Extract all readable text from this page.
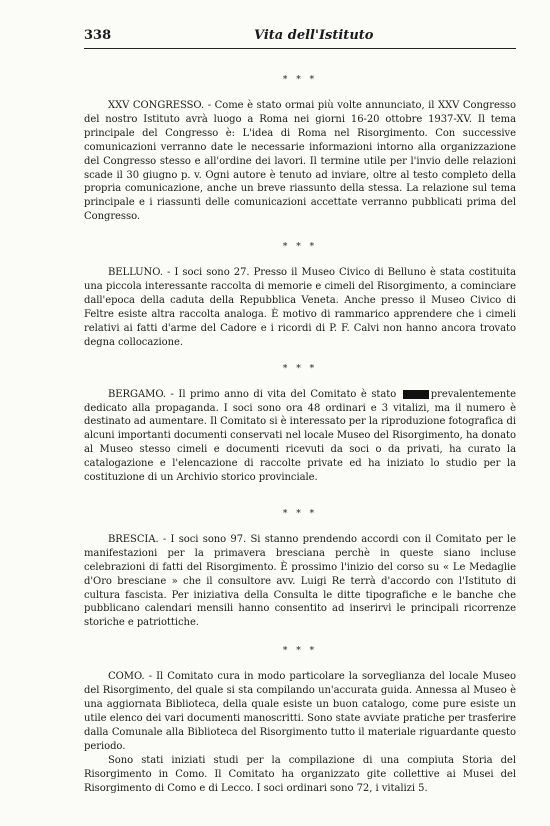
338	Vita dell'Istituto
* * *

XXV CONGRESSO. - Come è stato ormai più volte annunciato, il XXV Congresso del nostro Istituto avrà luogo a Roma nei giorni 16-20 ottobre 1937-XV. Il tema principale del Congresso è: L'idea di Roma nel Risorgimento. Con successive comunicazioni verranno date le necessarie informazioni intorno alla organizzazione del Congresso stesso e all'ordine dei lavori. Il termine utile per l'invio delle relazioni scade il 30 giugno p. v. Ogni autore è tenuto ad inviare, oltre al testo completo della propria comunicazione, anche un breve riassunto della stessa. La relazione sul tema principale e i riassunti delle comunicazioni accettate verranno pubblicati prima del Congresso.

* * *

BELLUNO. - I soci sono 27. Presso il Museo Civico di Belluno è stata costituita una piccola interessante raccolta di memorie e cimeli del Risorgimento, a cominciare dall'epoca della caduta della Repubblica Veneta. Anche presso il Museo Civico di Feltre esiste altra raccolta analoga. È motivo di rammarico apprendere che i cimeli relativi ai fatti d'arme del Cadore e i ricordi di P. F. Calvi non hanno ancora trovato degna collocazione.

* * *

BERGAMO. - Il primo anno di vita del Comitato è stato	prevalentemente dedicato alla propaganda. I soci sono ora 48 ordinari e 3 vitalizi, ma il numero è destinato ad aumentare. Il Comitato si è interessato per la riproduzione fotografica di alcuni importanti documenti conservati nel locale Museo del Risorgimento, ha donato al Museo stesso cimeli e documenti ricevuti da soci o da privati, ha curato la catalogazione e l'elencazione di raccolte private ed ha iniziato lo studio per la costituzione di un Archivio storico provinciale.

* * *

BRESCIA. - I soci sono 97. Si stanno prendendo accordi con il Comitato per le manifestazioni per la primavera bresciana perchè in queste siano incluse celebrazioni di fatti del Risorgimento. È prossimo l'inizio del corso su « Le Medaglie d'Oro bresciane » che il consultore avv. Luigi Re terrà d'accordo con l'Istituto di cultura fascista. Per iniziativa della Consulta le ditte tipografiche e le banche che pubblicano calendari mensili hanno consentito ad inserirvi le principali ricorrenze storiche e patriottiche.

* * *

COMO. - Il Comitato cura in modo particolare la sorveglianza del locale Museo del Risorgimento, del quale si sta compilando un'accurata guida. Annessa al Museo è una aggiornata Biblioteca, della quale esiste un buon catalogo, come pure esiste un utile elenco dei vari documenti manoscritti. Sono state avviate pratiche per trasferire dalla Comunale alla Biblioteca del Risorgimento tutto il materiale riguardante questo periodo.

Sono stati iniziati studi per la compilazione di una compiuta Storia del Risorgimento in Como. Il Comitato ha organizzato gite collettive ai Musei del Risorgimento di Como e di Lecco. I soci ordinari sono 72, i vitalizi 5.
